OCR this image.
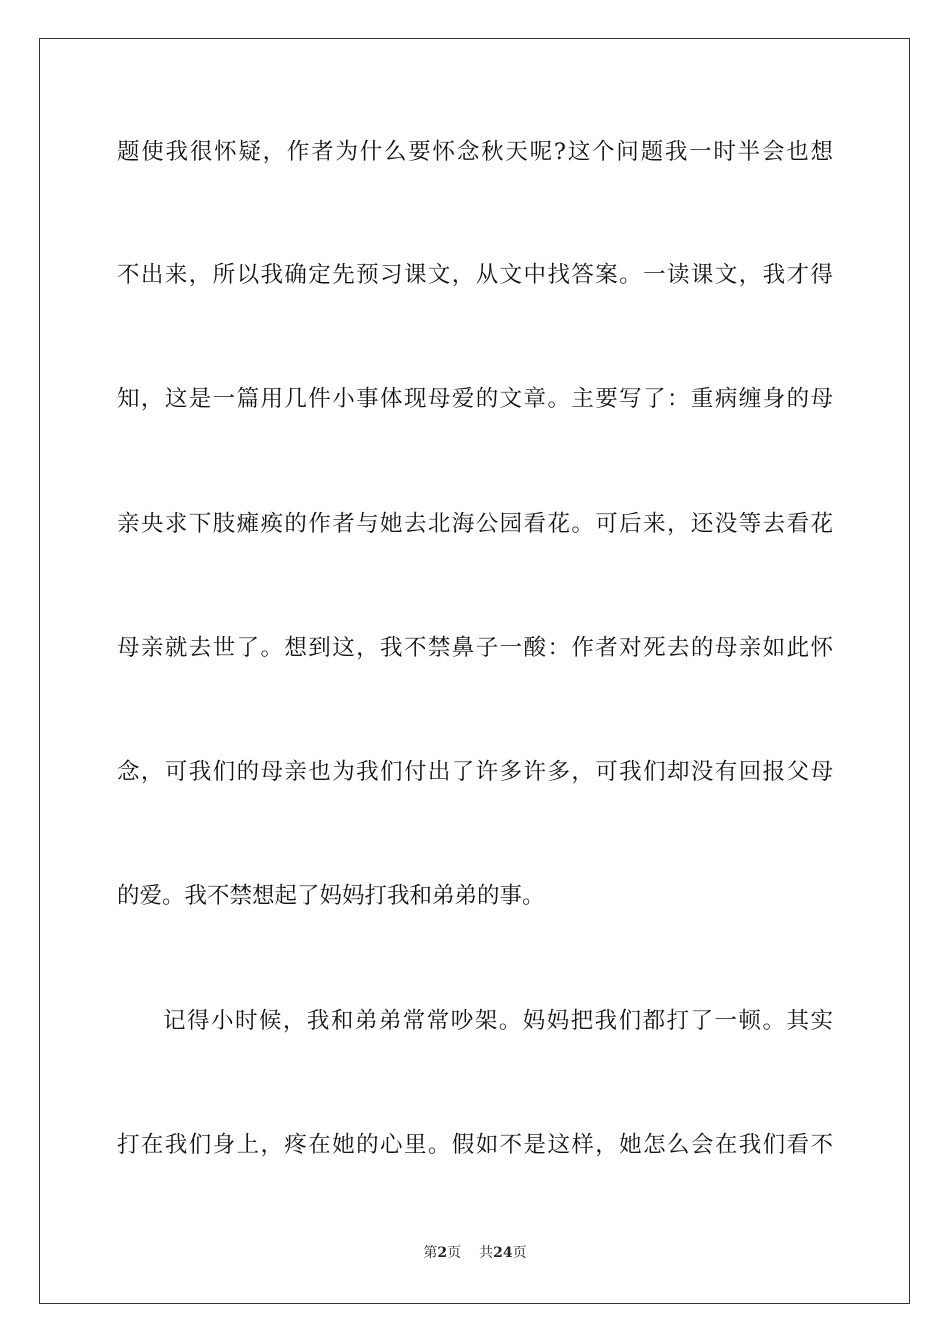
题使我很怀疑，作者为什么要怀念秋天呢?这个问题我一时半会也想
不出来，所以我确定先预习课文，从文中找答案。一读课文，我才得
知，这是一篇用几件小事体现母爱的文章。主要写了：重病缠身的母
亲央求下肢瘫痪的作者与她去北海公园看花。可后来，还没等去看花
母亲就去世了。想到这，我不禁鼻子一酸：作者对死去的母亲如此怀
念，可我们的母亲也为我们付出了许多许多，可我们却没有回报父母
的爱。我不禁想起了妈妈打我和弟弟的事。
记得小时候，我和弟弟常常吵架。妈妈把我们都打了一顿。其实
打在我们身上，疼在她的心里。假如不是这样，她怎么会在我们看不
第2页 共24页
